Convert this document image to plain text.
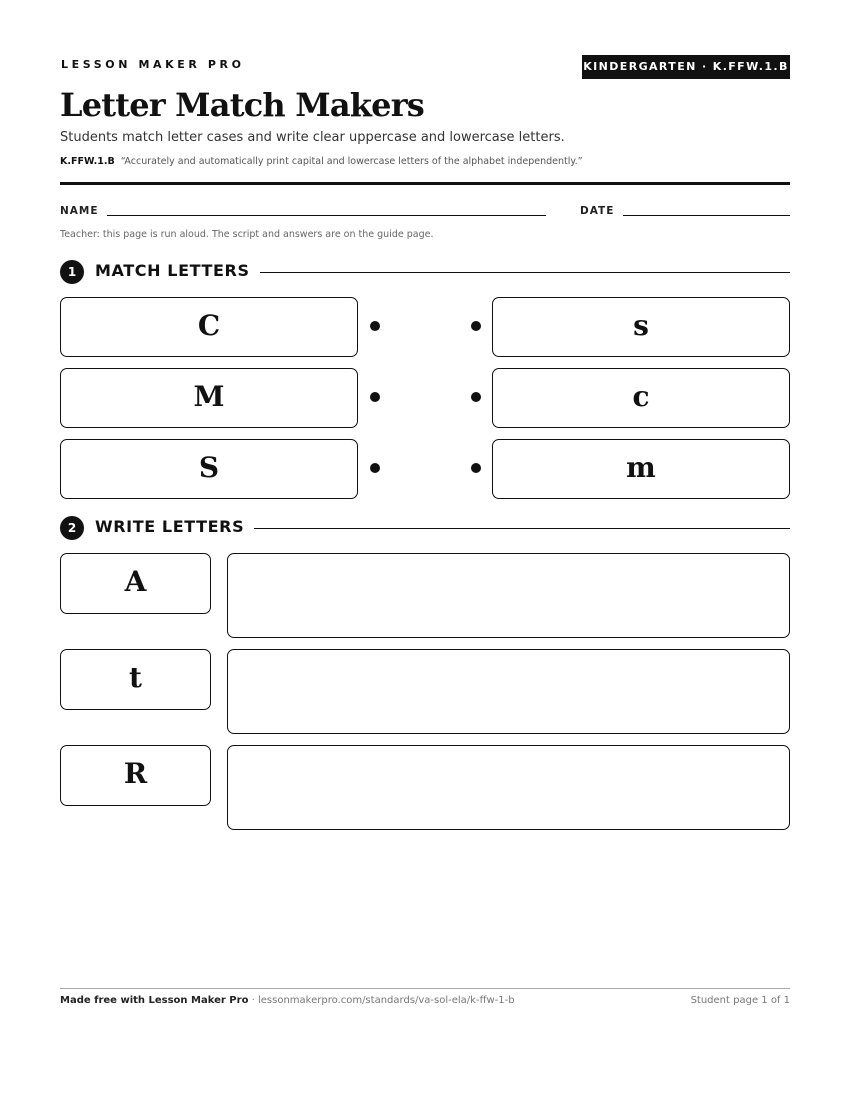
LESSON MAKER PRO	KINDERGARTEN · K.FFW.1.B
Letter Match Makers
Students match letter cases and write clear uppercase and lowercase letters.
K.FFW.1.B “Accurately and automatically print capital and lowercase letters of the alphabet independently.”
NAME	DATE
Teacher: this page is run aloud. The script and answers are on the guide page.
1	MATCH LETTERS
C	s
M	c
S	m
2	WRITE LETTERS
A
t
R
Made free with Lesson Maker Pro · lessonmakerpro.com/standards/va-sol-ela/k-ffw-1-b	Student page 1 of 1
